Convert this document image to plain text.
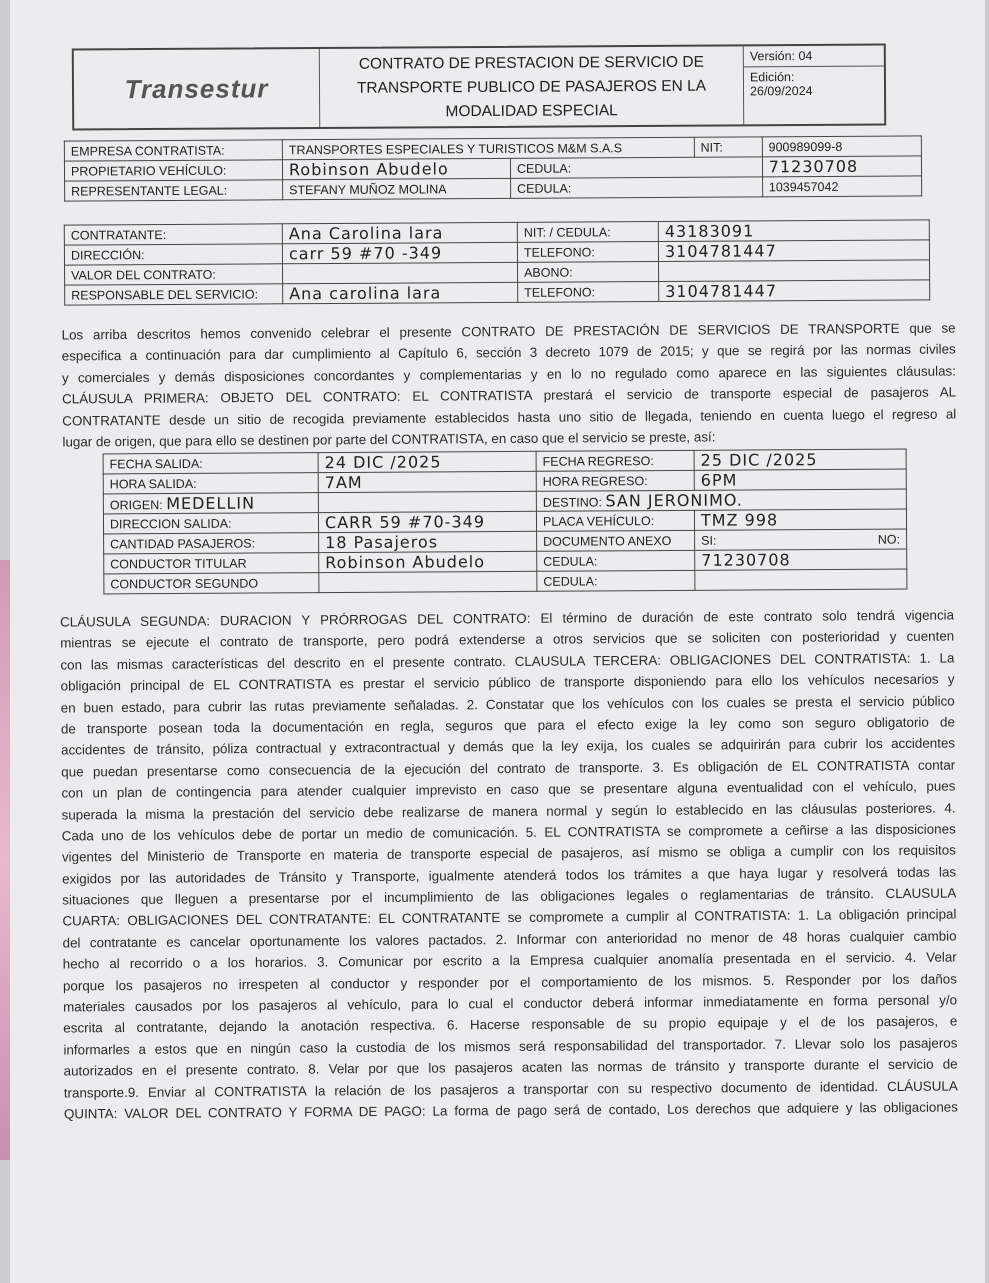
Transestur
CONTRATO DE PRESTACION DE SERVICIO DE
TRANSPORTE PUBLICO DE PASAJEROS EN LA
MODALIDAD ESPECIAL
Versión: 04
Edición:
26/09/2024
EMPRESA CONTRATISTA:	TRANSPORTES ESPECIALES Y TURISTICOS M&M S.A.S		NIT:	900989099-8
PROPIETARIO VEHÍCULO:	Robinson Abudelo	CEDULA:		71230708
REPRESENTANTE LEGAL:	STEFANY MUÑOZ MOLINA	CEDULA:		1039457042
CONTRATANTE:	Ana Carolina lara	NIT: / CEDULA:	43183091
DIRECCIÓN:	carr 59 #70 -349	TELEFONO:	3104781447
VALOR DEL CONTRATO:		ABONO:	
RESPONSABLE DEL SERVICIO:	Ana carolina lara	TELEFONO:	3104781447
Los arriba descritos hemos convenido celebrar el presente CONTRATO DE PRESTACIÓN DE SERVICIOS DE TRANSPORTE que se
especifica a continuación para dar cumplimiento al Capítulo 6, sección 3 decreto 1079 de 2015; y que se regirá por las normas civiles
y comerciales y demás disposiciones concordantes y complementarias y en lo no regulado como aparece en las siguientes cláusulas:
CLÁUSULA PRIMERA: OBJETO DEL CONTRATO: EL CONTRATISTA prestará el servicio de transporte especial de pasajeros AL
CONTRATANTE desde un sitio de recogida previamente establecidos hasta uno sitio de llegada, teniendo en cuenta luego el regreso al
lugar de origen, que para ello se destinen por parte del CONTRATISTA, en caso que el servicio se preste, así:
FECHA SALIDA:	24 DIC /2025	FECHA REGRESO:	25 DIC /2025	
HORA SALIDA:	7AM	HORA REGRESO:	6PM	
ORIGEN: MEDELLIN		DESTINO: SAN JERONIMO.		
DIRECCION SALIDA:	CARR 59 #70-349	PLACA VEHÍCULO:	TMZ 998	
CANTIDAD PASAJEROS:	18 Pasajeros	DOCUMENTO ANEXO	SI:	NO:
CONDUCTOR TITULAR	Robinson Abudelo	CEDULA:	71230708	
CONDUCTOR SEGUNDO		CEDULA:		
CLÁUSULA SEGUNDA: DURACION Y PRÓRROGAS DEL CONTRATO: El término de duración de este contrato solo tendrá vigencia
mientras se ejecute el contrato de transporte, pero podrá extenderse a otros servicios que se soliciten con posterioridad y cuenten
con las mismas características del descrito en el presente contrato. CLAUSULA TERCERA: OBLIGACIONES DEL CONTRATISTA: 1. La
obligación principal de EL CONTRATISTA es prestar el servicio público de transporte disponiendo para ello los vehículos necesarios y
en buen estado, para cubrir las rutas previamente señaladas. 2. Constatar que los vehículos con los cuales se presta el servicio público
de transporte posean toda la documentación en regla, seguros que para el efecto exige la ley como son seguro obligatorio de
accidentes de tránsito, póliza contractual y extracontractual y demás que la ley exija, los cuales se adquirirán para cubrir los accidentes
que puedan presentarse como consecuencia de la ejecución del contrato de transporte. 3. Es obligación de EL CONTRATISTA contar
con un plan de contingencia para atender cualquier imprevisto en caso que se presentare alguna eventualidad con el vehículo, pues
superada la misma la prestación del servicio debe realizarse de manera normal y según lo establecido en las cláusulas posteriores. 4.
Cada uno de los vehículos debe de portar un medio de comunicación. 5. EL CONTRATISTA se compromete a ceñirse a las disposiciones
vigentes del Ministerio de Transporte en materia de transporte especial de pasajeros, así mismo se obliga a cumplir con los requisitos
exigidos por las autoridades de Tránsito y Transporte, igualmente atenderá todos los trámites a que haya lugar y resolverá todas las
situaciones que lleguen a presentarse por el incumplimiento de las obligaciones legales o reglamentarias de tránsito. CLAUSULA
CUARTA: OBLIGACIONES DEL CONTRATANTE: EL CONTRATANTE se compromete a cumplir al CONTRATISTA: 1. La obligación principal
del contratante es cancelar oportunamente los valores pactados. 2. Informar con anterioridad no menor de 48 horas cualquier cambio
hecho al recorrido o a los horarios. 3. Comunicar por escrito a la Empresa cualquier anomalía presentada en el servicio. 4. Velar
porque los pasajeros no irrespeten al conductor y responder por el comportamiento de los mismos. 5. Responder por los daños
materiales causados por los pasajeros al vehículo, para lo cual el conductor deberá informar inmediatamente en forma personal y/o
escrita al contratante, dejando la anotación respectiva. 6. Hacerse responsable de su propio equipaje y el de los pasajeros, e
informarles a estos que en ningún caso la custodia de los mismos será responsabilidad del transportador. 7. Llevar solo los pasajeros
autorizados en el presente contrato. 8. Velar por que los pasajeros acaten las normas de tránsito y transporte durante el servicio de
transporte.9. Enviar al CONTRATISTA la relación de los pasajeros a transportar con su respectivo documento de identidad. CLÁUSULA
QUINTA: VALOR DEL CONTRATO Y FORMA DE PAGO: La forma de pago será de contado, Los derechos que adquiere y las obligaciones
